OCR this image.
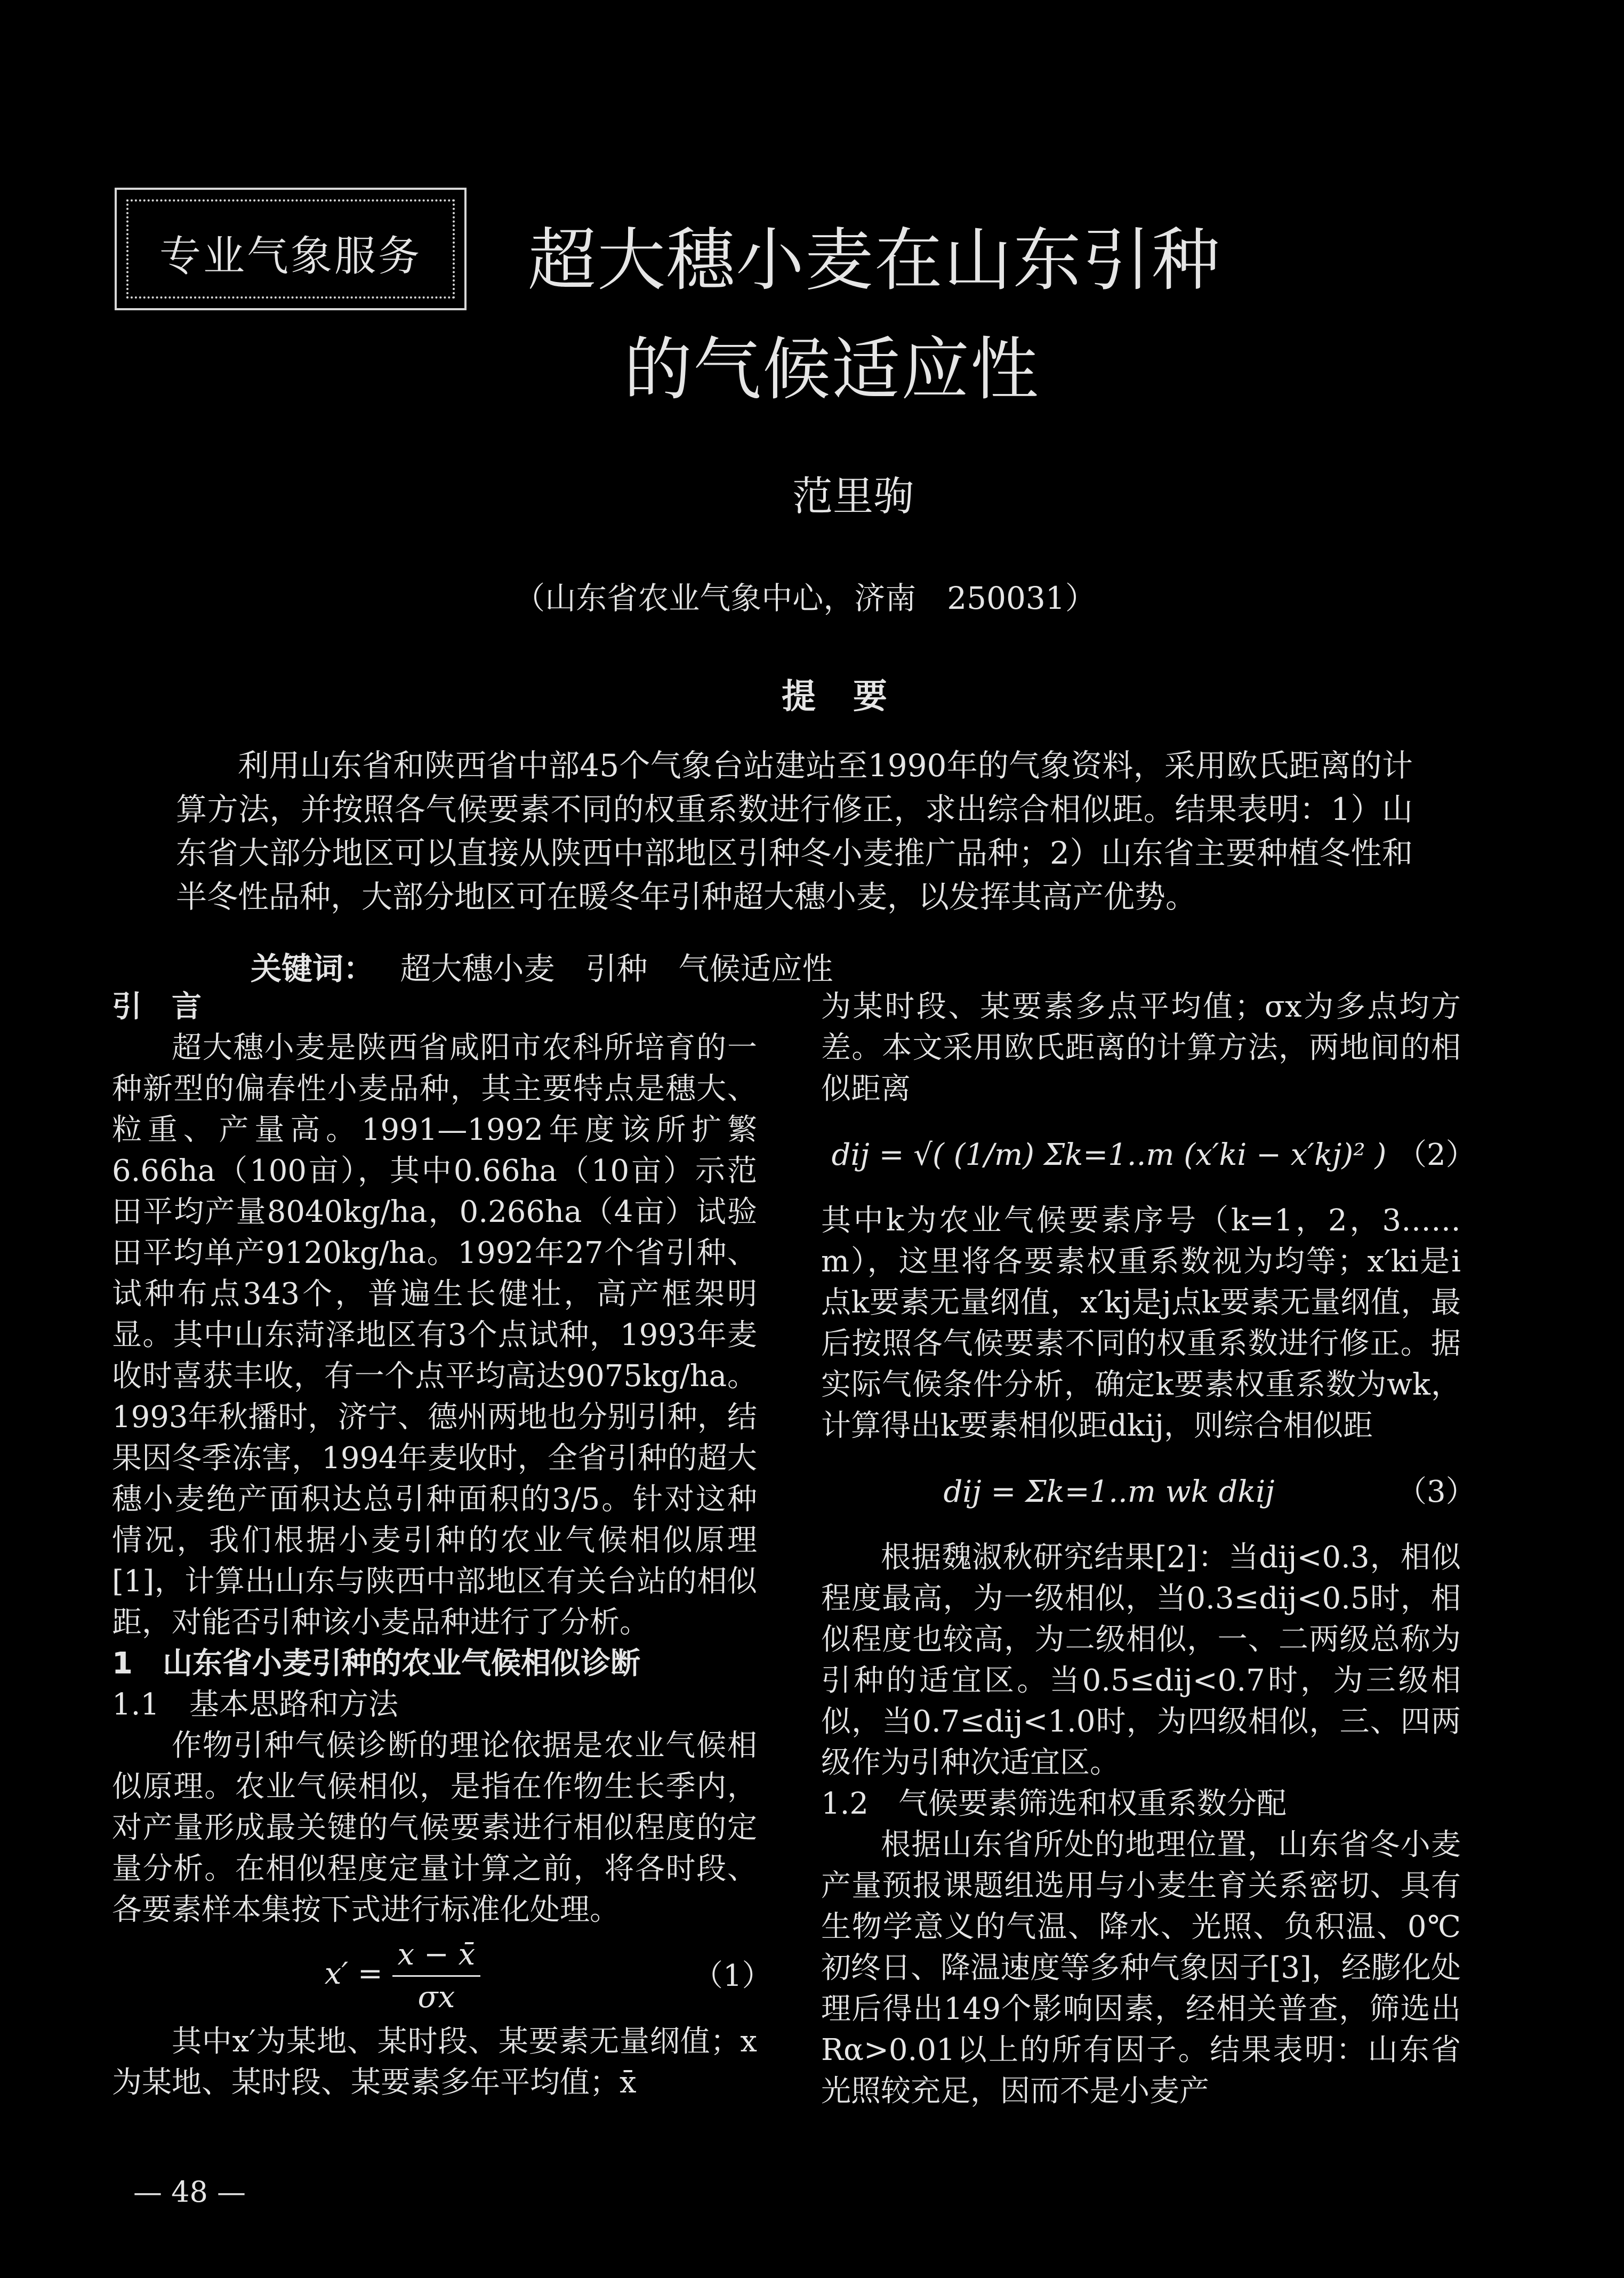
专业气象服务	超大穗小麦在山东引种
的气候适应性
范里驹
（山东省农业气象中心，济南　250031）
提要
利用山东省和陕西省中部45个气象台站建站至1990年的气象资料，采用欧氏距离的计算方法，并按照各气候要素不同的权重系数进行修正，求出综合相似距。结果表明：1）山东省大部分地区可以直接从陕西中部地区引种冬小麦推广品种；2）山东省主要种植冬性和半冬性品种，大部分地区可在暖冬年引种超大穗小麦，以发挥其高产优势。
关键词： 超大穗小麦　引种　气候适应性
引　言

超大穗小麦是陕西省咸阳市农科所培育的一种新型的偏春性小麦品种，其主要特点是穗大、粒重、产量高。1991—1992年度该所扩繁6.66ha（100亩），其中0.66ha（10亩）示范田平均产量8040kg/ha，0.266ha（4亩）试验田平均单产9120kg/ha。1992年27个省引种、试种布点343个，普遍生长健壮，高产框架明显。其中山东菏泽地区有3个点试种，1993年麦收时喜获丰收，有一个点平均高达9075kg/ha。1993年秋播时，济宁、德州两地也分别引种，结果因冬季冻害，1994年麦收时，全省引种的超大穗小麦绝产面积达总引种面积的3/5。针对这种情况，我们根据小麦引种的农业气候相似原理[1]，计算出山东与陕西中部地区有关台站的相似距，对能否引种该小麦品种进行了分析。

1　山东省小麦引种的农业气候相似诊断
1.1　基本思路和方法

作物引种气候诊断的理论依据是农业气候相似原理。农业气候相似，是指在作物生长季内，对产量形成最关键的气候要素进行相似程度的定量分析。在相似程度定量计算之前，将各时段、各要素样本集按下式进行标准化处理。

$x' = \frac{x - x̄}{\sigma x}$	（1）

其中x′为某地、某时段、某要素无量纲值；x为某地、某时段、某要素多年平均值；x̄

为某时段、某要素多点平均值；σx为多点均方差。本文采用欧氏距离的计算方法，两地间的相似距离

dij = √( (1/m) Σk=1..m (x′ki − x′kj)² ) （2）

其中k为农业气候要素序号（k=1，2，3……m），这里将各要素权重系数视为均等；x′ki是i点k要素无量纲值，x′kj是j点k要素无量纲值，最后按照各气候要素不同的权重系数进行修正。据实际气候条件分析，确定k要素权重系数为wk，计算得出k要素相似距dkij，则综合相似距

dij = Σk=1..m wk dkij	（3）

根据魏淑秋研究结果[2]：当dij<0.3，相似程度最高，为一级相似，当0.3≤dij<0.5时，相似程度也较高，为二级相似，一、二两级总称为引种的适宜区。当0.5≤dij<0.7时，为三级相似，当0.7≤dij<1.0时，为四级相似，三、四两级作为引种次适宜区。

1.2　气候要素筛选和权重系数分配

根据山东省所处的地理位置，山东省冬小麦产量预报课题组选用与小麦生育关系密切、具有生物学意义的气温、降水、光照、负积温、0℃初终日、降温速度等多种气象因子[3]，经膨化处理后得出149个影响因素，经相关普查，筛选出Rα>0.01以上的所有因子。结果表明：山东省光照较充足，因而不是小麦产

— 48 —
